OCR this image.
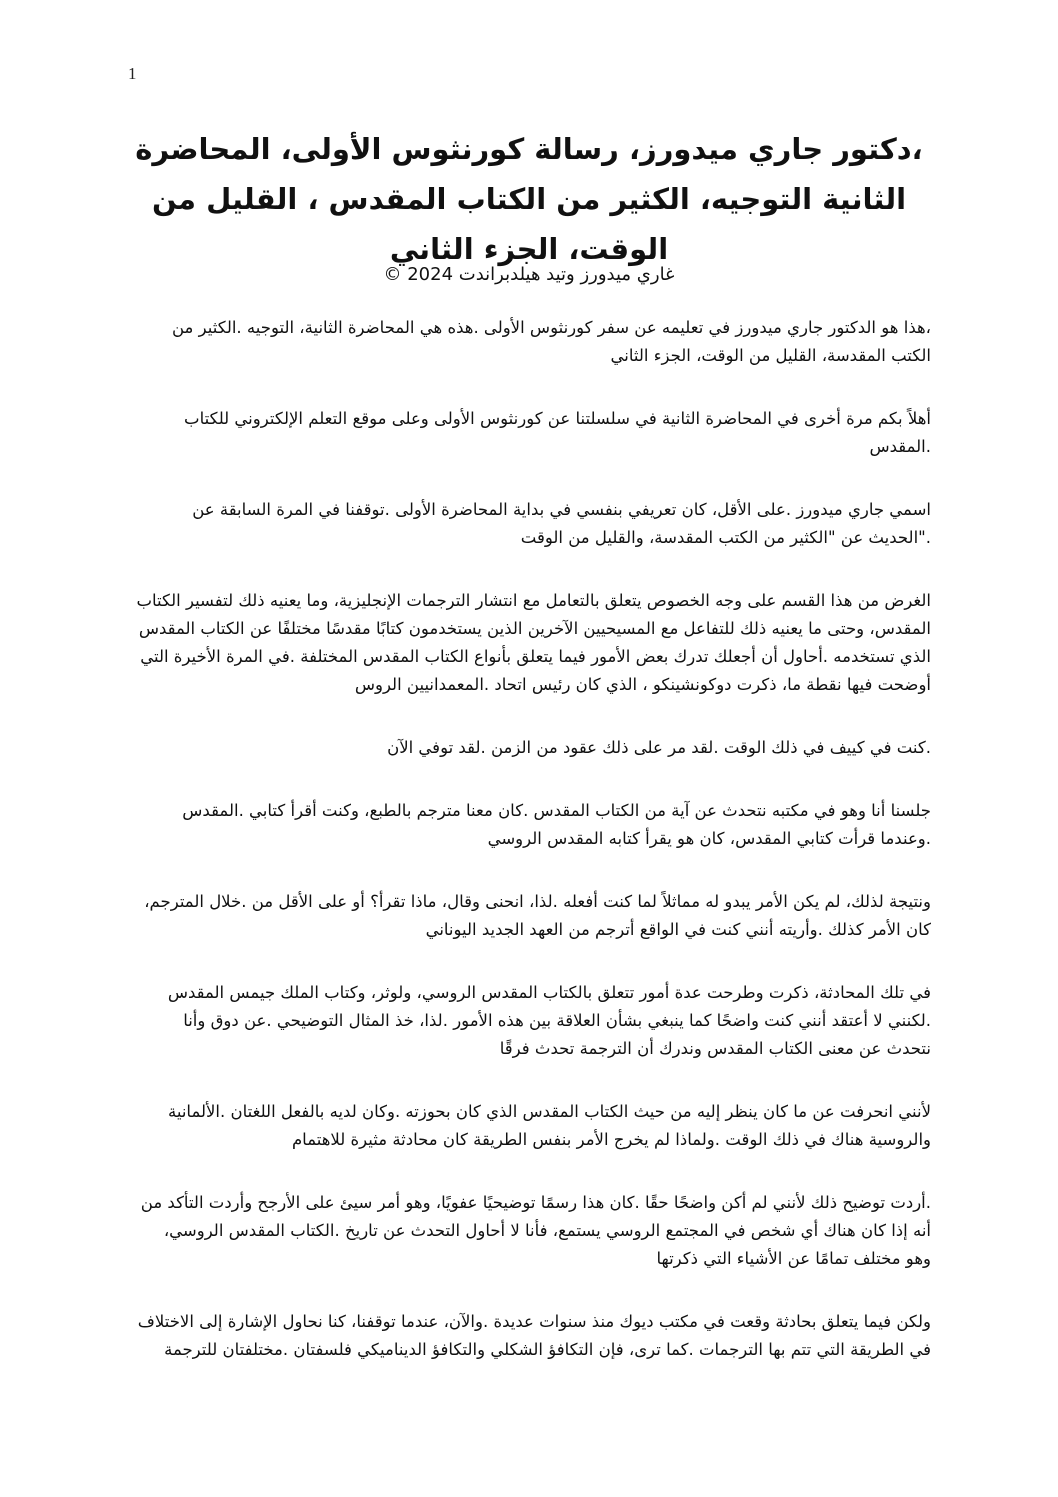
1
،دكتور جاري ميدورز، رسالة كورنثوس الأولى، المحاضرة الثانية التوجيه، الكثير من الكتاب المقدس ، القليل من الوقت، الجزء الثاني
غاري ميدورز وتيد هيلدبراندت 2024 ©

،هذا هو الدكتور جاري ميدورز في تعليمه عن سفر كورنثوس الأولى .هذه هي المحاضرة الثانية، التوجيه .الكثير من الكتب المقدسة، القليل من الوقت، الجزء الثاني

أهلاً بكم مرة أخرى في المحاضرة الثانية في سلسلتنا عن كورنثوس الأولى وعلى موقع التعلم الإلكتروني للكتاب .المقدس

اسمي جاري ميدورز .على الأقل، كان تعريفي بنفسي في بداية المحاضرة الأولى .توقفنا في المرة السابقة عن ."الحديث عن "الكثير من الكتب المقدسة، والقليل من الوقت

الغرض من هذا القسم على وجه الخصوص يتعلق بالتعامل مع انتشار الترجمات الإنجليزية، وما يعنيه ذلك لتفسير الكتاب المقدس، وحتى ما يعنيه ذلك للتفاعل مع المسيحيين الآخرين الذين يستخدمون كتابًا مقدسًا مختلفًا عن الكتاب المقدس الذي تستخدمه .أحاول أن أجعلك تدرك بعض الأمور فيما يتعلق بأنواع الكتاب المقدس المختلفة .في المرة الأخيرة التي أوضحت فيها نقطة ما، ذكرت دوكونشينكو ، الذي كان رئيس اتحاد .المعمدانيين الروس

.كنت في كييف في ذلك الوقت .لقد مر على ذلك عقود من الزمن .لقد توفي الآن

جلسنا أنا وهو في مكتبه نتحدث عن آية من الكتاب المقدس .كان معنا مترجم بالطبع، وكنت أقرأ كتابي .المقدس .وعندما قرأت كتابي المقدس، كان هو يقرأ كتابه المقدس الروسي

ونتيجة لذلك، لم يكن الأمر يبدو له مماثلاً لما كنت أفعله .لذا، انحنى وقال، ماذا تقرأ؟ أو على الأقل من .خلال المترجم، كان الأمر كذلك .وأريته أنني كنت في الواقع أترجم من العهد الجديد اليوناني

في تلك المحادثة، ذكرت وطرحت عدة أمور تتعلق بالكتاب المقدس الروسي، ولوثر، وكتاب الملك جيمس المقدس .لكنني لا أعتقد أنني كنت واضحًا كما ينبغي بشأن العلاقة بين هذه الأمور .لذا، خذ المثال التوضيحي .عن دوق وأنا نتحدث عن معنى الكتاب المقدس وندرك أن الترجمة تحدث فرقًا

لأنني انحرفت عن ما كان ينظر إليه من حيث الكتاب المقدس الذي كان بحوزته .وكان لديه بالفعل اللغتان .الألمانية والروسية هناك في ذلك الوقت .ولماذا لم يخرج الأمر بنفس الطريقة كان محادثة مثيرة للاهتمام

.أردت توضيح ذلك لأنني لم أكن واضحًا حقًا .كان هذا رسمًا توضيحيًا عفويًا، وهو أمر سيئ على الأرجح وأردت التأكد من أنه إذا كان هناك أي شخص في المجتمع الروسي يستمع، فأنا لا أحاول التحدث عن تاريخ .الكتاب المقدس الروسي، وهو مختلف تمامًا عن الأشياء التي ذكرتها

ولكن فيما يتعلق بحادثة وقعت في مكتب ديوك منذ سنوات عديدة .والآن، عندما توقفنا، كنا نحاول الإشارة إلى الاختلاف في الطريقة التي تتم بها الترجمات .كما ترى، فإن التكافؤ الشكلي والتكافؤ الديناميكي فلسفتان .مختلفتان للترجمة
